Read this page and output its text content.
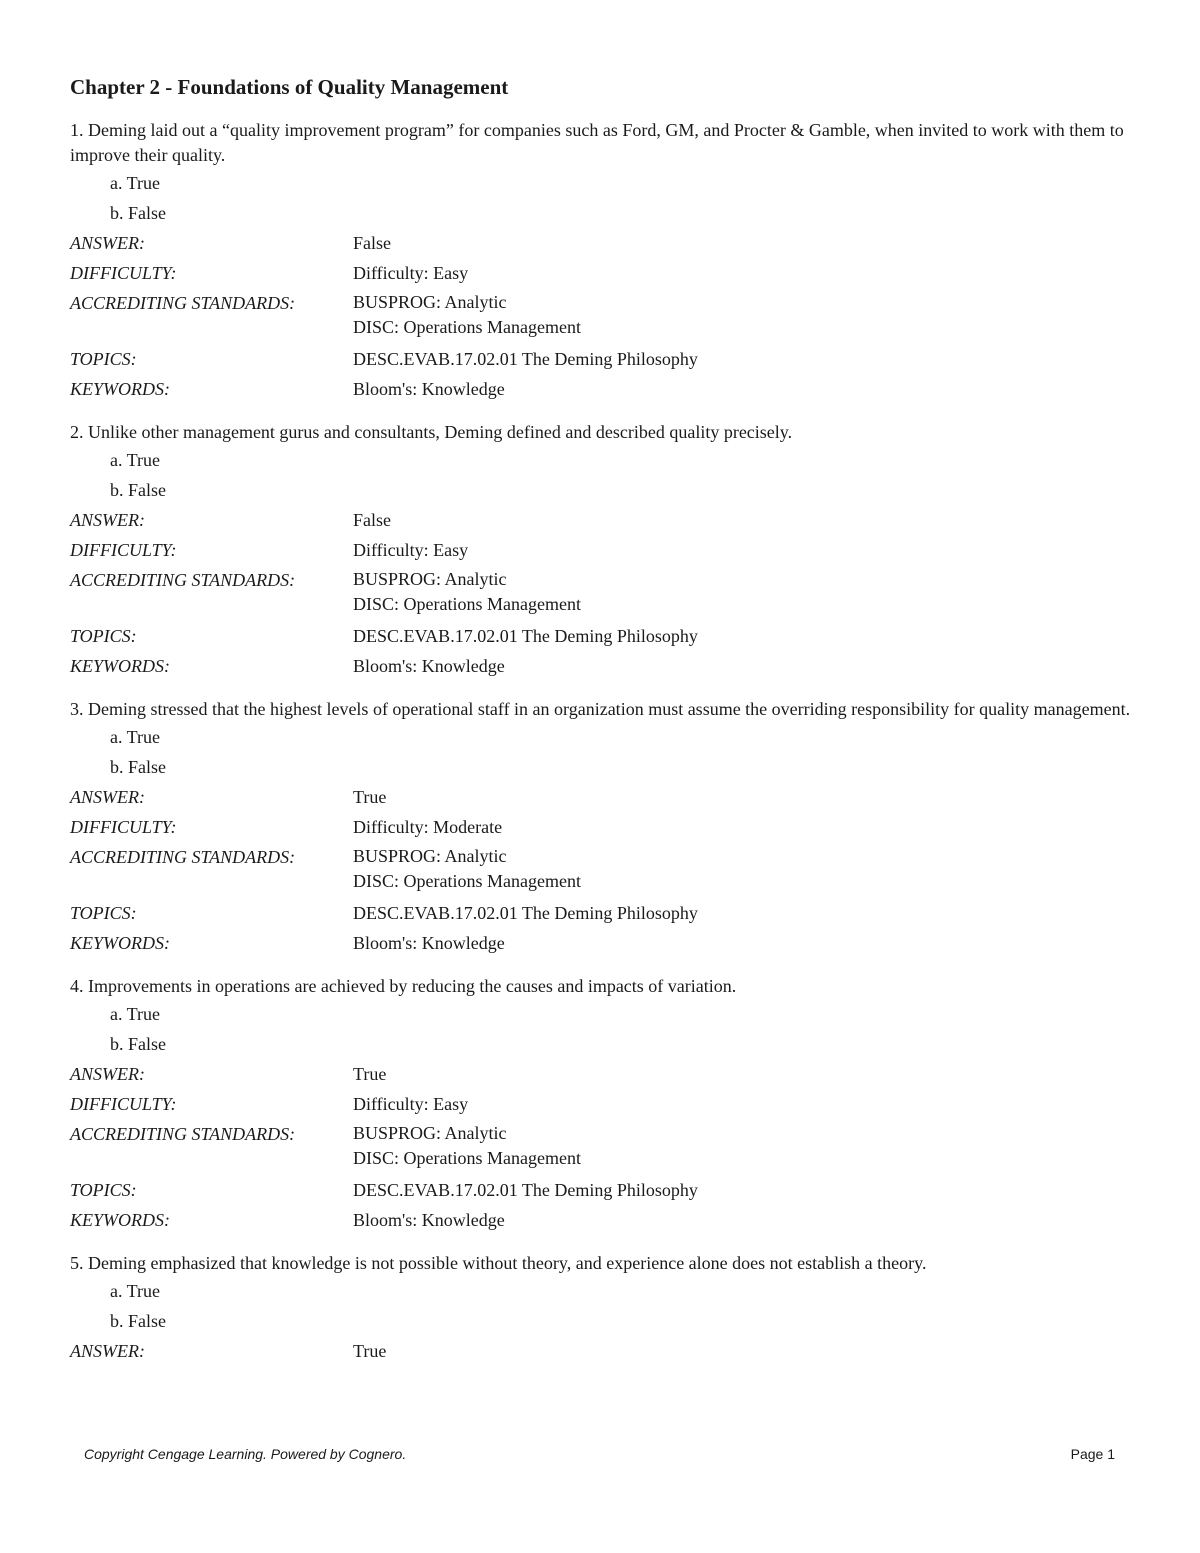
Chapter 2 - Foundations of Quality Management
1. Deming laid out a “quality improvement program” for companies such as Ford, GM, and Procter & Gamble, when invited to work with them to improve their quality.
a. True
b. False
ANSWER:	False
DIFFICULTY:	Difficulty: Easy
ACCREDITING STANDARDS:	BUSPROG: Analytic
DISC: Operations Management
TOPICS:	DESC.EVAB.17.02.01 The Deming Philosophy
KEYWORDS:	Bloom's: Knowledge
2. Unlike other management gurus and consultants, Deming defined and described quality precisely.
a. True
b. False
ANSWER:	False
DIFFICULTY:	Difficulty: Easy
ACCREDITING STANDARDS:	BUSPROG: Analytic
DISC: Operations Management
TOPICS:	DESC.EVAB.17.02.01 The Deming Philosophy
KEYWORDS:	Bloom's: Knowledge
3. Deming stressed that the highest levels of operational staff in an organization must assume the overriding responsibility for quality management.
a. True
b. False
ANSWER:	True
DIFFICULTY:	Difficulty: Moderate
ACCREDITING STANDARDS:	BUSPROG: Analytic
DISC: Operations Management
TOPICS:	DESC.EVAB.17.02.01 The Deming Philosophy
KEYWORDS:	Bloom's: Knowledge
4. Improvements in operations are achieved by reducing the causes and impacts of variation.
a. True
b. False
ANSWER:	True
DIFFICULTY:	Difficulty: Easy
ACCREDITING STANDARDS:	BUSPROG: Analytic
DISC: Operations Management
TOPICS:	DESC.EVAB.17.02.01 The Deming Philosophy
KEYWORDS:	Bloom's: Knowledge
5. Deming emphasized that knowledge is not possible without theory, and experience alone does not establish a theory.
a. True
b. False
ANSWER:	True
Copyright Cengage Learning. Powered by Cognero.	Page 1
